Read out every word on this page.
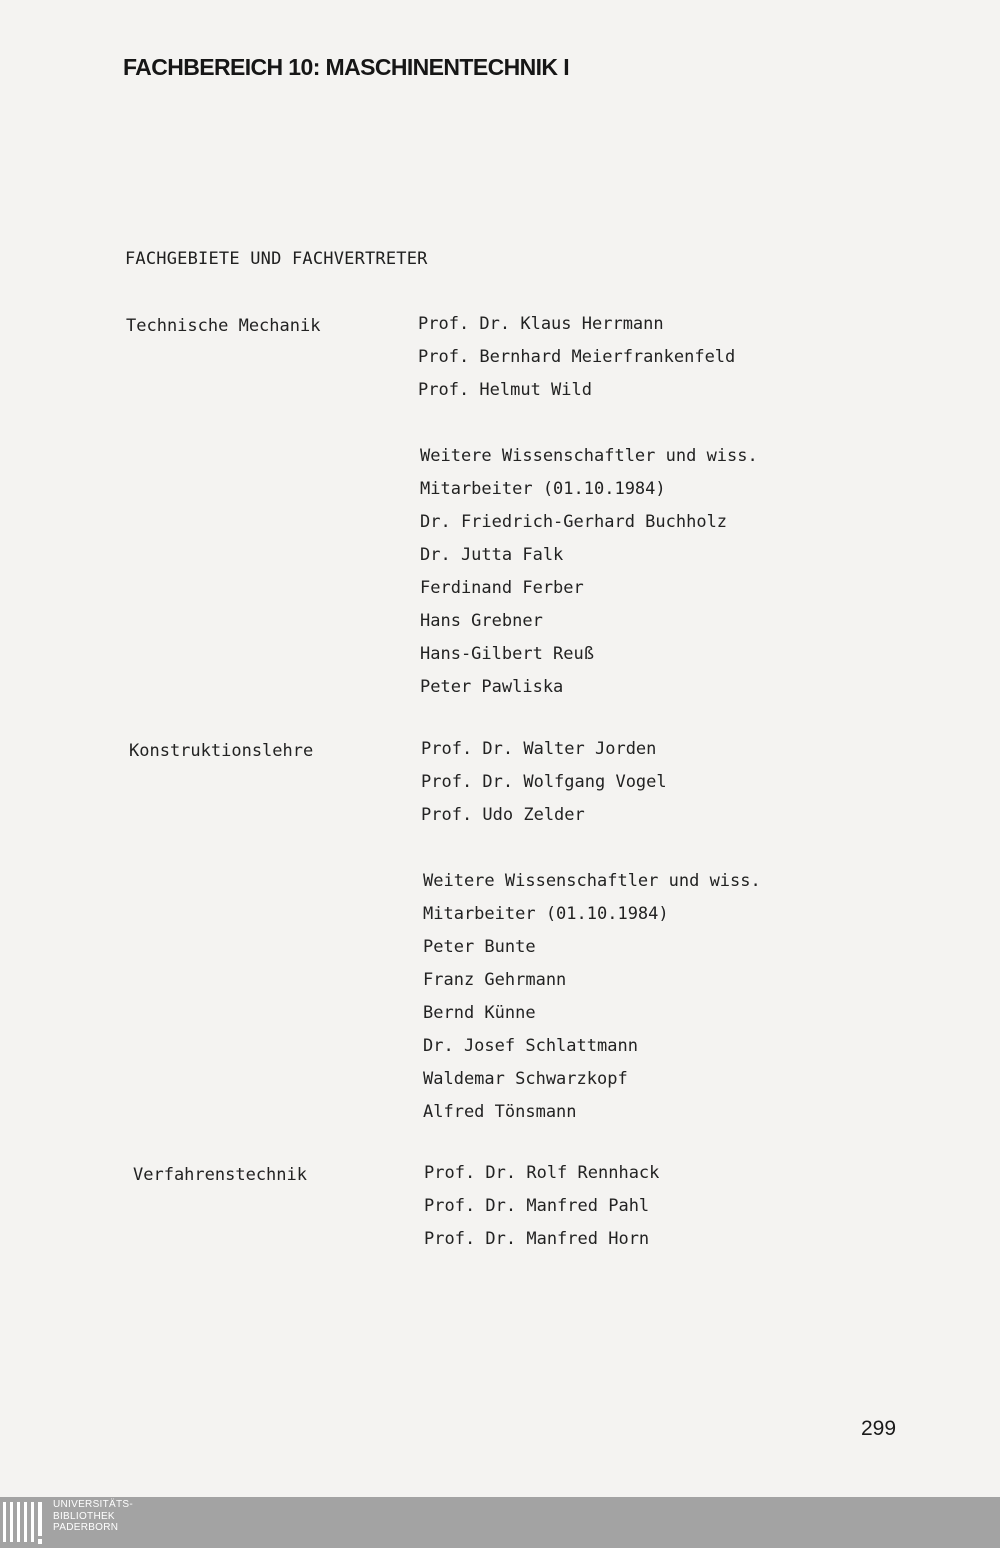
FACHBEREICH 10: MASCHINENTECHNIK I
FACHGEBIETE UND FACHVERTRETER
Technische Mechanik	Prof. Dr. Klaus Herrmann
Prof. Bernhard Meierfrankenfeld
Prof. Helmut Wild
Weitere Wissenschaftler und wiss.
Mitarbeiter (01.10.1984)
Dr. Friedrich-Gerhard Buchholz
Dr. Jutta Falk
Ferdinand Ferber
Hans Grebner
Hans-Gilbert Reuß
Peter Pawliska
Konstruktionslehre	Prof. Dr. Walter Jorden
Prof. Dr. Wolfgang Vogel
Prof. Udo Zelder
Weitere Wissenschaftler und wiss.
Mitarbeiter (01.10.1984)
Peter Bunte
Franz Gehrmann
Bernd Künne
Dr. Josef Schlattmann
Waldemar Schwarzkopf
Alfred Tönsmann
Verfahrenstechnik	Prof. Dr. Rolf Rennhack
Prof. Dr. Manfred Pahl
Prof. Dr. Manfred Horn
299
UNIVERSITÄTS-
BIBLIOTHEK
PADERBORN
